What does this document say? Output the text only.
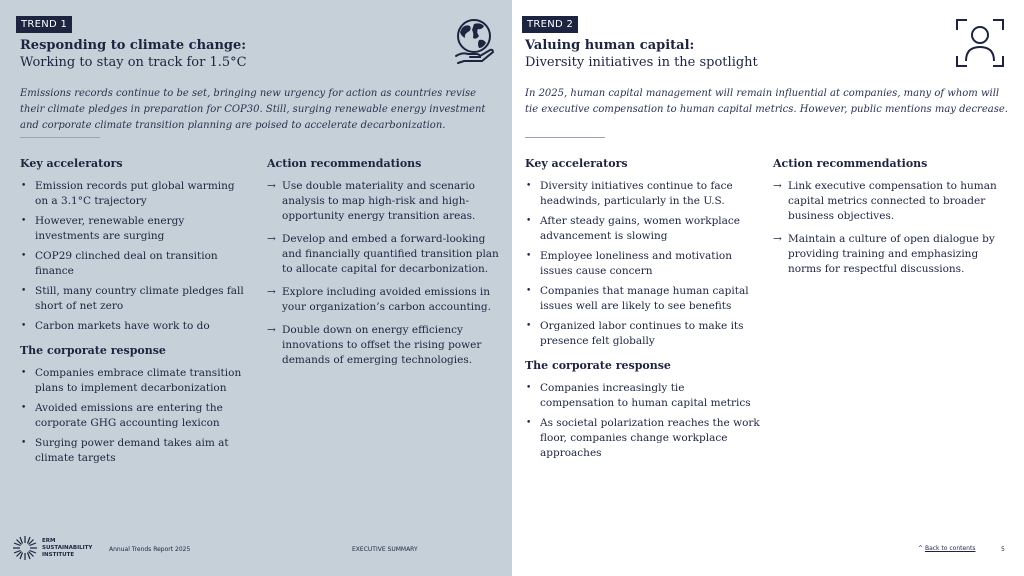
TREND 1
Responding to climate change:
Working to stay on track for 1.5°C
Emissions records continue to be set, bringing new urgency for action as countries revise their climate pledges in preparation for COP30. Still, surging renewable energy investment and corporate climate transition planning are poised to accelerate decarbonization.
Key accelerators
• Emission records put global warming on a 3.1°C trajectory
• However, renewable energy investments are surging
• COP29 clinched deal on transition finance
• Still, many country climate pledges fall short of net zero
• Carbon markets have work to do
The corporate response
• Companies embrace climate transition plans to implement decarbonization
• Avoided emissions are entering the corporate GHG accounting lexicon
• Surging power demand takes aim at climate targets
Action recommendations
→ Use double materiality and scenario analysis to map high-risk and high-opportunity energy transition areas.
→ Develop and embed a forward-looking and financially quantified transition plan to allocate capital for decarbonization.
→ Explore including avoided emissions in your organization’s carbon accounting.
→ Double down on energy efficiency innovations to offset the rising power demands of emerging technologies.
TREND 2
Valuing human capital:
Diversity initiatives in the spotlight
In 2025, human capital management will remain influential at companies, many of whom will tie executive compensation to human capital metrics. However, public mentions may decrease.
Key accelerators
• Diversity initiatives continue to face headwinds, particularly in the U.S.
• After steady gains, women workplace advancement is slowing
• Employee loneliness and motivation issues cause concern
• Companies that manage human capital issues well are likely to see benefits
• Organized labor continues to make its presence felt globally
The corporate response
• Companies increasingly tie compensation to human capital metrics
• As societal polarization reaches the work floor, companies change workplace approaches
Action recommendations
→ Link executive compensation to human capital metrics connected to broader business objectives.
→ Maintain a culture of open dialogue by providing training and emphasizing norms for respectful discussions.
ERM
SUSTAINABILITY
INSTITUTE
Annual Trends Report 2025	EXECUTIVE SUMMARY	^ Back to contents	5
